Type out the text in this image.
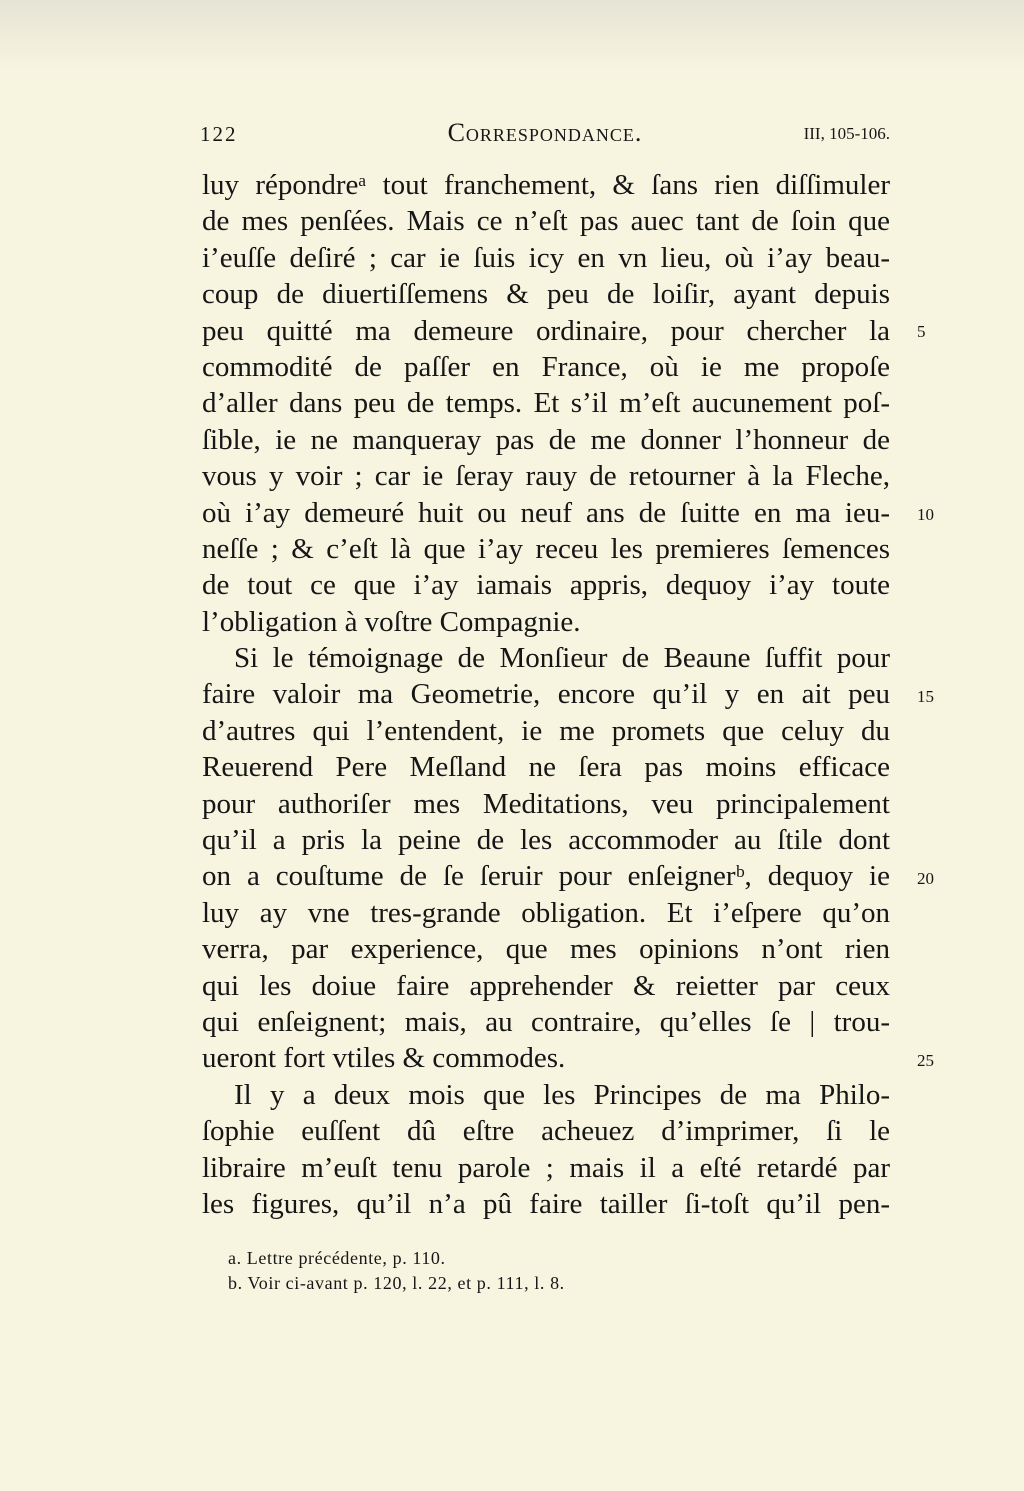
122	Correspondance.	III, 105-106.
luy répondreᵃ tout franchement, & ſans rien diſſimuler
de mes penſées. Mais ce n’eſt pas auec tant de ſoin que
i’euſſe deſiré ; car ie ſuis icy en vn lieu, où i’ay beau-
coup de diuertiſſemens & peu de loiſir, ayant depuis
peu quitté ma demeure ordinaire, pour chercher la
commodité de paſſer en France, où ie me propoſe
d’aller dans peu de temps. Et s’il m’eſt aucunement poſ-
ſible, ie ne manqueray pas de me donner l’honneur de
vous y voir ; car ie ſeray rauy de retourner à la Fleche,
où i’ay demeuré huit ou neuf ans de ſuitte en ma ieu-
neſſe ; & c’eſt là que i’ay receu les premieres ſemences
de tout ce que i’ay iamais appris, dequoy i’ay toute
l’obligation à voſtre Compagnie.
Si le témoignage de Monſieur de Beaune ſuffit pour
faire valoir ma Geometrie, encore qu’il y en ait peu
d’autres qui l’entendent, ie me promets que celuy du
Reuerend Pere Meſland ne ſera pas moins efficace
pour authoriſer mes Meditations, veu principalement
qu’il a pris la peine de les accommoder au ſtile dont
on a couſtume de ſe ſeruir pour enſeignerᵇ, dequoy ie
luy ay vne tres-grande obligation. Et i’eſpere qu’on
verra, par experience, que mes opinions n’ont rien
qui les doiue faire apprehender & reietter par ceux
qui enſeignent; mais, au contraire, qu’elles ſe | trou-
ueront fort vtiles & commodes.
Il y a deux mois que les Principes de ma Philo-
ſophie euſſent dû eſtre acheuez d’imprimer, ſi le
libraire m’euſt tenu parole ; mais il a eſté retardé par
les figures, qu’il n’a pû faire tailler ſi-toſt qu’il pen-
5
10
15
20
25
a. Lettre précédente, p. 110.
b. Voir ci-avant p. 120, l. 22, et p. 111, l. 8.
